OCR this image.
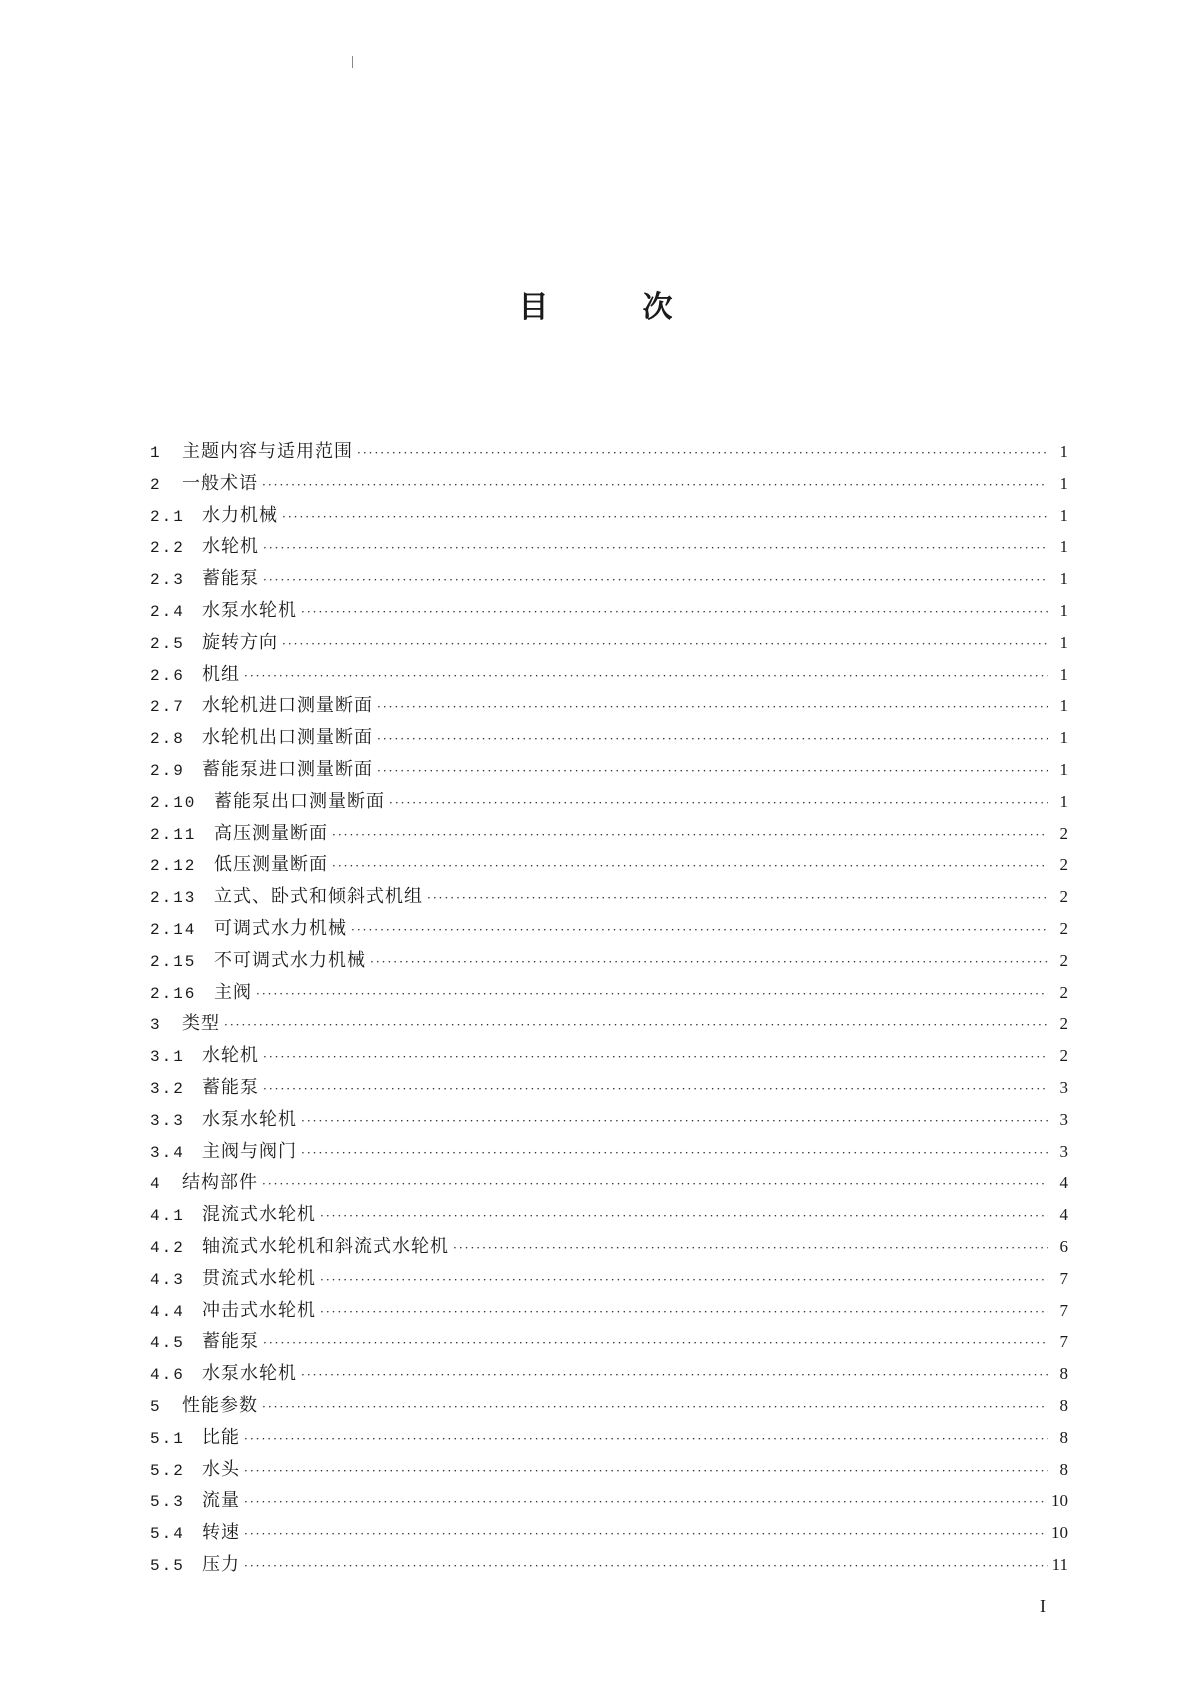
目	次
1	主题内容与适用范围 ·····	1
2	一般术语 ·····	1
2.1 水力机械 ·····	1
2.2 水轮机 ·····	1
2.3 蓄能泵 ·····	1
2.4 水泵水轮机 ·····	1
2.5 旋转方向 ·····	1
2.6 机组 ·····	1
2.7 水轮机进口测量断面 ·····	1
2.8 水轮机出口测量断面 ·····	1
2.9 蓄能泵进口测量断面 ·····	1
2.10 蓄能泵出口测量断面 ·····	1
2.11 高压测量断面 ·····	2
2.12 低压测量断面 ·····	2
2.13 立式、卧式和倾斜式机组 ·····	2
2.14 可调式水力机械 ·····	2
2.15 不可调式水力机械 ·····	2
2.16 主阀 ·····	2
3	类型 ·····	2
3.1 水轮机 ·····	2
3.2 蓄能泵 ·····	3
3.3 水泵水轮机 ·····	3
3.4 主阀与阀门 ·····	3
4	结构部件 ·····	4
4.1 混流式水轮机 ·····	4
4.2 轴流式水轮机和斜流式水轮机 ·····	6
4.3 贯流式水轮机 ·····	7
4.4 冲击式水轮机 ·····	7
4.5 蓄能泵 ·····	7
4.6 水泵水轮机 ·····	8
5	性能参数 ·····	8
5.1 比能 ·····	8
5.2 水头 ·····	8
5.3 流量 ·····	10
5.4 转速 ·····	10
5.5 压力 ·····	11
I
